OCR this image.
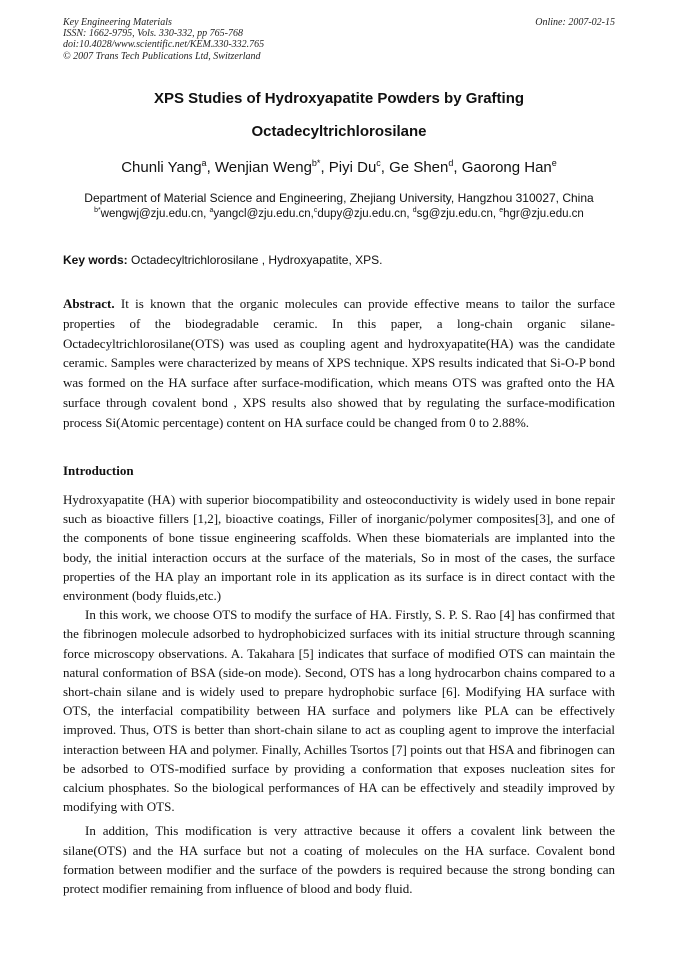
Key Engineering Materials
ISSN: 1662-9795, Vols. 330-332, pp 765-768
doi:10.4028/www.scientific.net/KEM.330-332.765
© 2007 Trans Tech Publications Ltd, Switzerland
Online: 2007-02-15
XPS Studies of Hydroxyapatite Powders by Grafting
Octadecyltrichlorosilane
Chunli Yang$^a$, Wenjian Weng$^{b*}$, Piyi Du$^c$, Ge Shen$^d$, Gaorong Han$^e$
Department of Material Science and Engineering, Zhejiang University, Hangzhou 310027, China
$^{b*}$wengwj@zju.edu.cn, $^a$yangcl@zju.edu.cn,$^c$dupy@zju.edu.cn, $^d$sg@zju.edu.cn, $^e$hgr@zju.edu.cn
Key words: Octadecyltrichlorosilane , Hydroxyapatite, XPS.
Abstract. It is known that the organic molecules can provide effective means to tailor the surface properties of the biodegradable ceramic. In this paper, a long-chain organic silane-Octadecyltrichlorosilane(OTS) was used as coupling agent and hydroxyapatite(HA) was the candidate ceramic. Samples were characterized by means of XPS technique. XPS results indicated that Si-O-P bond was formed on the HA surface after surface-modification, which means OTS was grafted onto the HA surface through covalent bond , XPS results also showed that by regulating the surface-modification process Si(Atomic percentage) content on HA surface could be changed from 0 to 2.88%.
Introduction

Hydroxyapatite (HA) with superior biocompatibility and osteoconductivity is widely used in bone repair such as bioactive fillers [1,2], bioactive coatings, Filler of inorganic/polymer composites[3], and one of the components of bone tissue engineering scaffolds. When these biomaterials are implanted into the body, the initial interaction occurs at the surface of the materials, So in most of the cases, the surface properties of the HA play an important role in its application as its surface is in direct contact with the environment (body fluids,etc.)

In this work, we choose OTS to modify the surface of HA. Firstly, S. P. S. Rao [4] has confirmed that the fibrinogen molecule adsorbed to hydrophobicized surfaces with its initial structure through scanning force microscopy observations. A. Takahara [5] indicates that surface of modified OTS can maintain the natural conformation of BSA (side-on mode). Second, OTS has a long hydrocarbon chains compared to a short-chain silane and is widely used to prepare hydrophobic surface [6]. Modifying HA surface with OTS, the interfacial compatibility between HA surface and polymers like PLA can be effectively improved. Thus, OTS is better than short-chain silane to act as coupling agent to improve the interfacial interaction between HA and polymer. Finally, Achilles Tsortos [7] points out that HSA and fibrinogen can be adsorbed to OTS-modified surface by providing a conformation that exposes nucleation sites for calcium phosphates. So the biological performances of HA can be effectively and steadily improved by modifying with OTS.

In addition, This modification is very attractive because it offers a covalent link between the silane(OTS) and the HA surface but not a coating of molecules on the HA surface. Covalent bond formation between modifier and the surface of the powders is required because the strong bonding can protect modifier remaining from influence of blood and body fluid.
